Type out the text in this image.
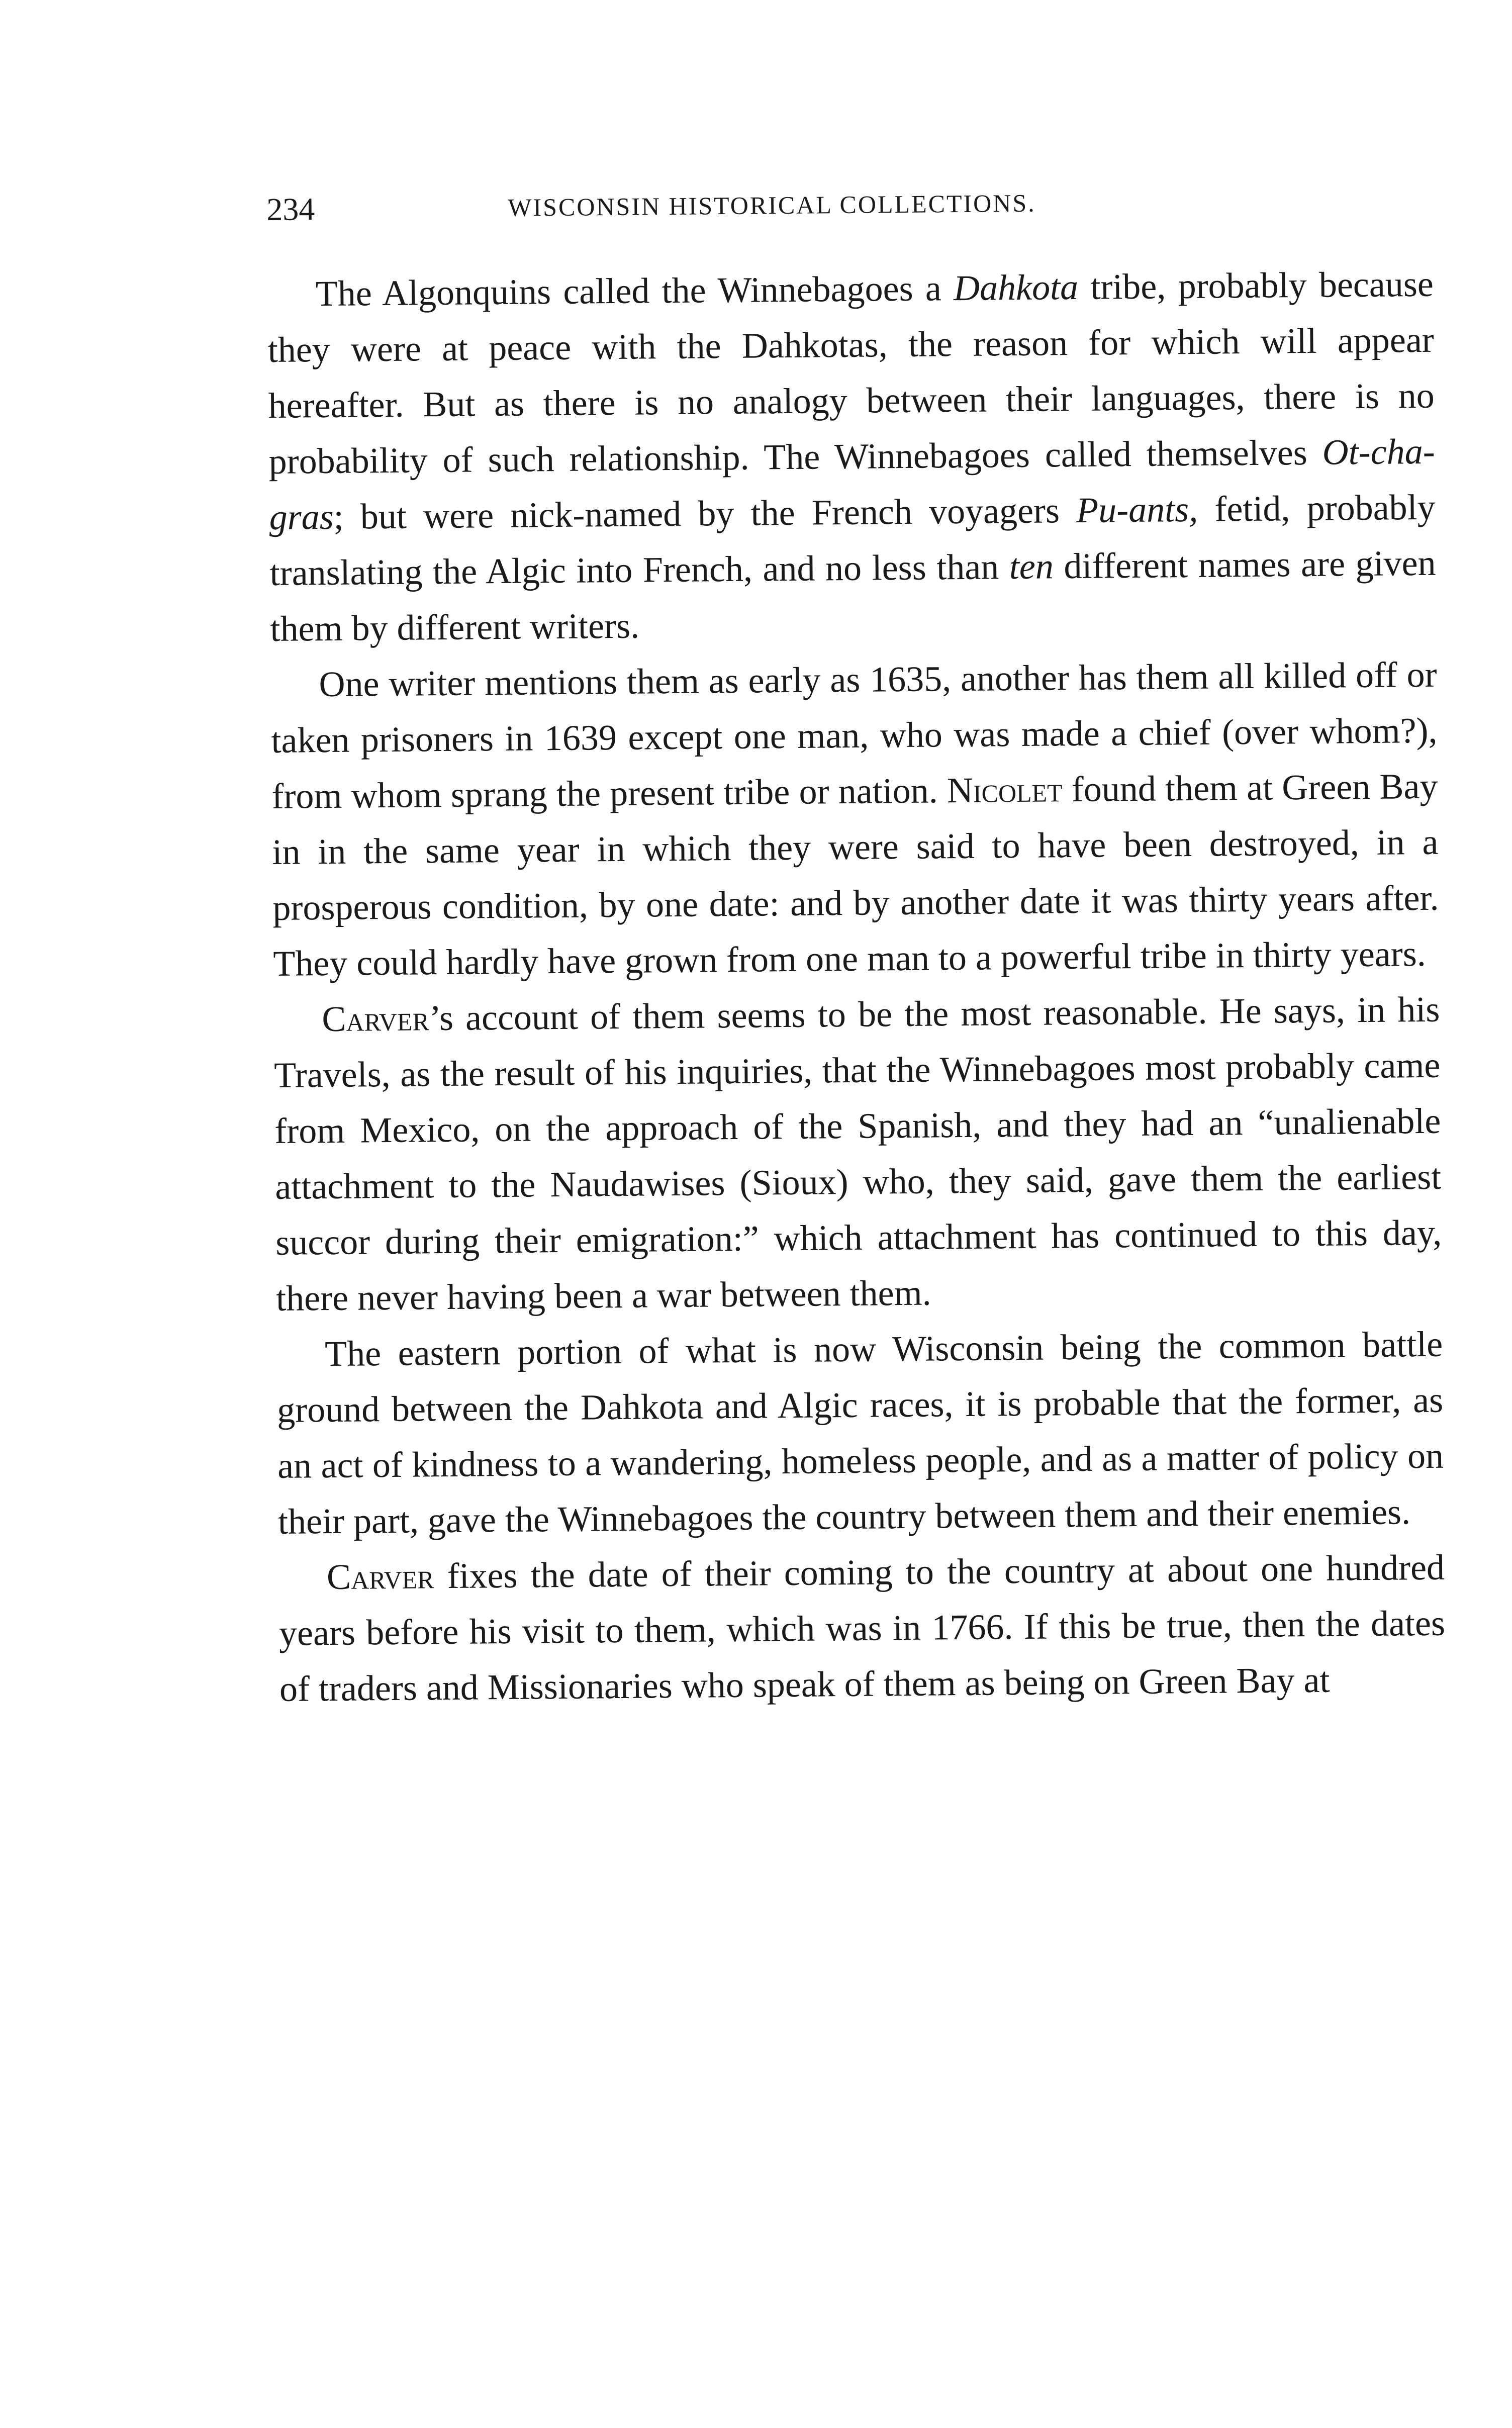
234	WISCONSIN HISTORICAL COLLECTIONS.

The Algonquins called the Winnebagoes a Dahkota tribe, probably because they were at peace with the Dahkotas, the reason for which will appear hereafter. But as there is no analogy between their languages, there is no probability of such relationship. The Winnebagoes called themselves Ot-cha-gras; but were nick-named by the French voyagers Pu-ants, fetid, probably translating the Algic into French, and no less than ten different names are given them by different writers.

One writer mentions them as early as 1635, another has them all killed off or taken prisoners in 1639 except one man, who was made a chief (over whom?), from whom sprang the present tribe or nation. Nicolet found them at Green Bay in in the same year in which they were said to have been destroyed, in a prosperous condition, by one date: and by another date it was thirty years after. They could hardly have grown from one man to a powerful tribe in thirty years.

Carver’s account of them seems to be the most reasonable. He says, in his Travels, as the result of his inquiries, that the Winnebagoes most probably came from Mexico, on the approach of the Spanish, and they had an “unalienable attachment to the Naudawises (Sioux) who, they said, gave them the earliest succor during their emigration:” which attachment has continued to this day, there never having been a war between them.

The eastern portion of what is now Wisconsin being the common battle ground between the Dahkota and Algic races, it is probable that the former, as an act of kindness to a wandering, homeless people, and as a matter of policy on their part, gave the Winnebagoes the country between them and their enemies.

Carver fixes the date of their coming to the country at about one hundred years before his visit to them, which was in 1766. If this be true, then the dates of traders and Missionaries who speak of them as being on Green Bay at
